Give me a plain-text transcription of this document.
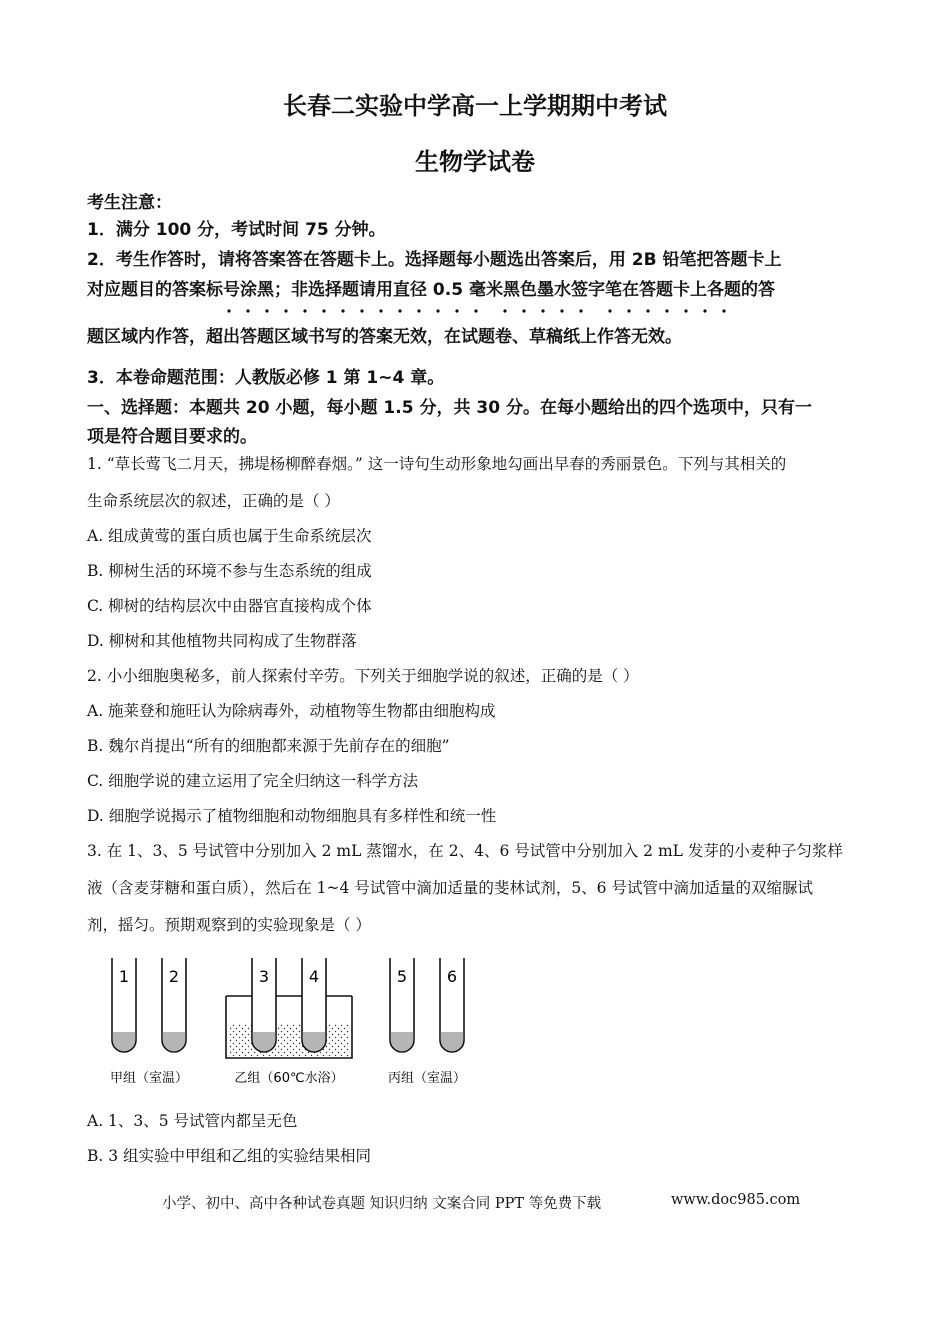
长春二实验中学高一上学期期中考试
生物学试卷
考生注意：
1．满分 100 分，考试时间 75 分钟。
2．考生作答时，请将答案答在答题卡上。选择题每小题选出答案后，用 2B 铅笔把答题卡上
对应题目的答案标号涂黑；非选择题请用直径 0.5 毫米黑色墨水签字笔在答题卡上各题的答
题区域内作答，超出答题区域书写的答案无效，在试题卷、草稿纸上作答无效。
3．本卷命题范围：人教版必修 1 第 1~4 章。
一、选择题：本题共 20 小题，每小题 1.5 分，共 30 分。在每小题给出的四个选项中，只有一
项是符合题目要求的。
1. “草长莺飞二月天，拂堤杨柳醉春烟。” 这一诗句生动形象地勾画出早春的秀丽景色。下列与其相关的
生命系统层次的叙述，正确的是（ ）
A. 组成黄莺的蛋白质也属于生命系统层次
B. 柳树生活的环境不参与生态系统的组成
C. 柳树的结构层次中由器官直接构成个体
D. 柳树和其他植物共同构成了生物群落
2. 小小细胞奥秘多，前人探索付辛劳。下列关于细胞学说的叙述，正确的是（ ）
A. 施莱登和施旺认为除病毒外，动植物等生物都由细胞构成
B. 魏尔肖提出“所有的细胞都来源于先前存在的细胞”
C. 细胞学说的建立运用了完全归纳这一科学方法
D. 细胞学说揭示了植物细胞和动物细胞具有多样性和统一性
3. 在 1、3、5 号试管中分别加入 2 mL 蒸馏水，在 2、4、6 号试管中分别加入 2 mL 发芽的小麦种子匀浆样
液（含麦芽糖和蛋白质），然后在 1~4 号试管中滴加适量的斐林试剂，5、6 号试管中滴加适量的双缩脲试
剂，摇匀。预期观察到的实验现象是（ ）
1 2	3 4	5 6
甲组（室温）	乙组（60℃水浴）	丙组（室温）
A. 1、3、5 号试管内都呈无色
B. 3 组实验中甲组和乙组的实验结果相同
小学、初中、高中各种试卷真题 知识归纳 文案合同 PPT 等免费下载	www.doc985.com
